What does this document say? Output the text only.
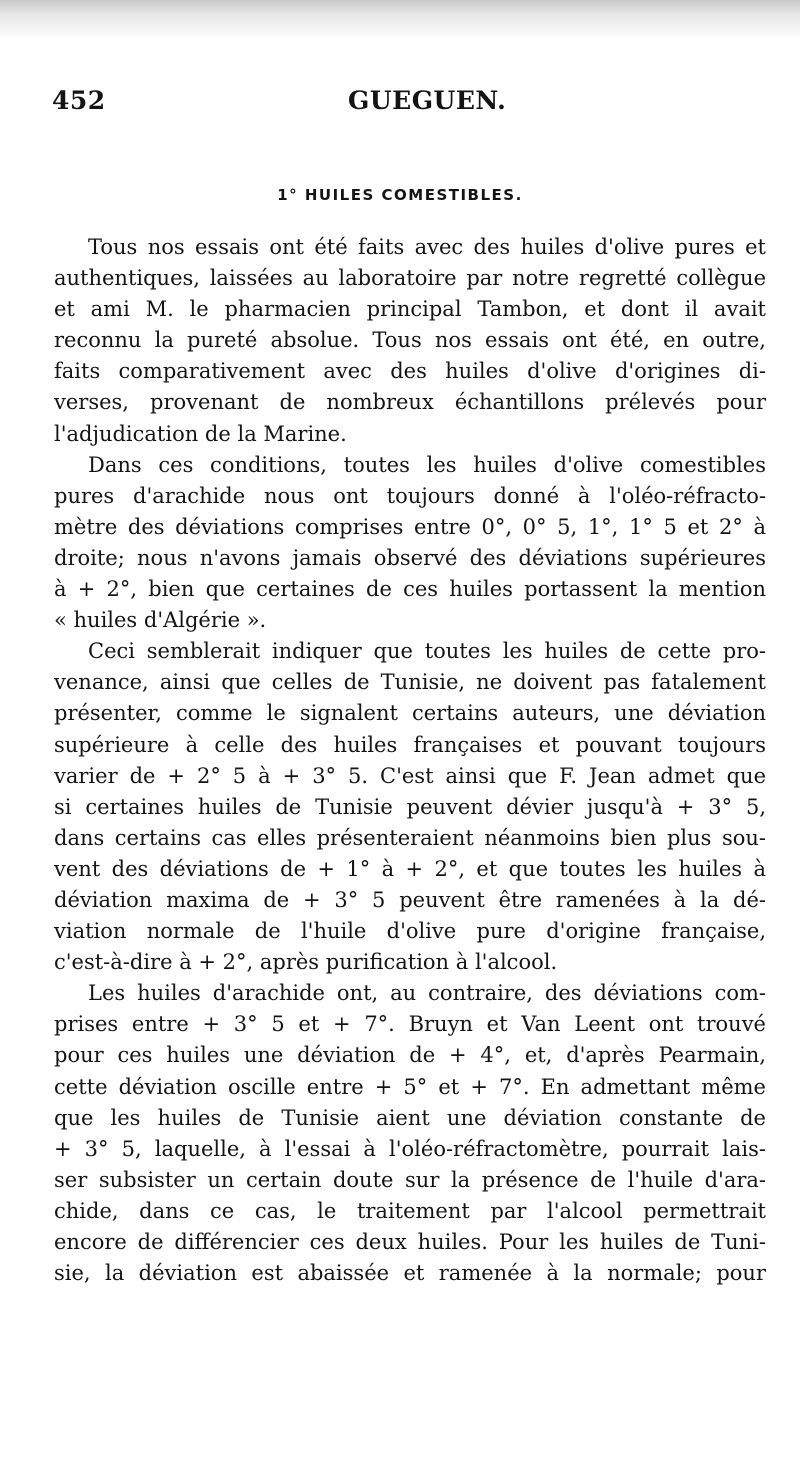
452	GUEGUEN.
1° HUILES COMESTIBLES.
Tous nos essais ont été faits avec des huiles d'olive pures et
authentiques, laissées au laboratoire par notre regretté collègue
et ami M. le pharmacien principal Tambon, et dont il avait
reconnu la pureté absolue. Tous nos essais ont été, en outre,
faits comparativement avec des huiles d'olive d'origines di-
verses, provenant de nombreux échantillons prélevés pour
l'adjudication de la Marine.
Dans ces conditions, toutes les huiles d'olive comestibles
pures d'arachide nous ont toujours donné à l'oléo-réfracto-
mètre des déviations comprises entre 0°, 0° 5, 1°, 1° 5 et 2° à
droite; nous n'avons jamais observé des déviations supérieures
à + 2°, bien que certaines de ces huiles portassent la mention
« huiles d'Algérie ».
Ceci semblerait indiquer que toutes les huiles de cette pro-
venance, ainsi que celles de Tunisie, ne doivent pas fatalement
présenter, comme le signalent certains auteurs, une déviation
supérieure à celle des huiles françaises et pouvant toujours
varier de + 2° 5 à + 3° 5. C'est ainsi que F. Jean admet que
si certaines huiles de Tunisie peuvent dévier jusqu'à + 3° 5,
dans certains cas elles présenteraient néanmoins bien plus sou-
vent des déviations de + 1° à + 2°, et que toutes les huiles à
déviation maxima de + 3° 5 peuvent être ramenées à la dé-
viation normale de l'huile d'olive pure d'origine française,
c'est-à-dire à + 2°, après purification à l'alcool.
Les huiles d'arachide ont, au contraire, des déviations com-
prises entre + 3° 5 et + 7°. Bruyn et Van Leent ont trouvé
pour ces huiles une déviation de + 4°, et, d'après Pearmain,
cette déviation oscille entre + 5° et + 7°. En admettant même
que les huiles de Tunisie aient une déviation constante de
+ 3° 5, laquelle, à l'essai à l'oléo-réfractomètre, pourrait lais-
ser subsister un certain doute sur la présence de l'huile d'ara-
chide, dans ce cas, le traitement par l'alcool permettrait
encore de différencier ces deux huiles. Pour les huiles de Tuni-
sie, la déviation est abaissée et ramenée à la normale; pour
